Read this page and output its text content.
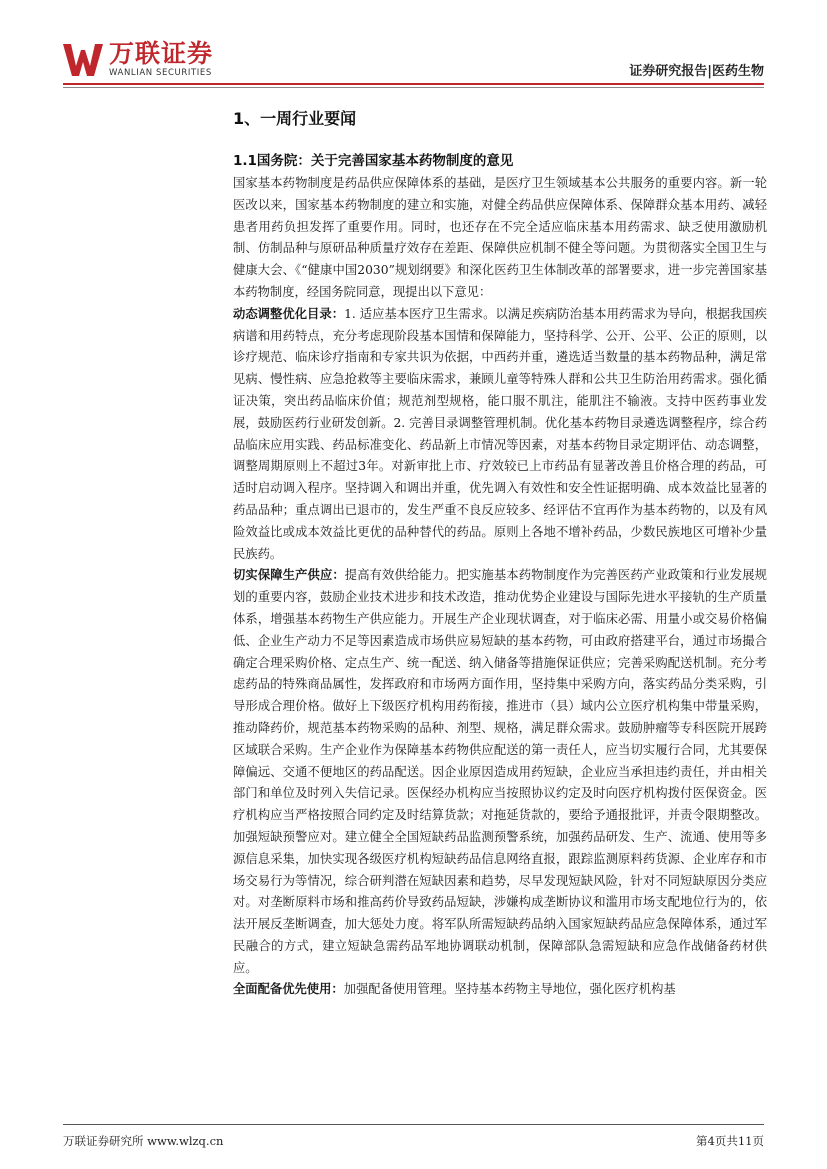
万联证券
WANLIAN SECURITIES	证券研究报告|医药生物
1、一周行业要闻
1.1国务院：关于完善国家基本药物制度的意见

国家基本药物制度是药品供应保障体系的基础，是医疗卫生领域基本公共服务的重要内容。新一轮医改以来，国家基本药物制度的建立和实施，对健全药品供应保障体系、保障群众基本用药、减轻患者用药负担发挥了重要作用。同时，也还存在不完全适应临床基本用药需求、缺乏使用激励机制、仿制品种与原研品种质量疗效存在差距、保障供应机制不健全等问题。为贯彻落实全国卫生与健康大会、《“健康中国2030”规划纲要》和深化医药卫生体制改革的部署要求，进一步完善国家基本药物制度，经国务院同意，现提出以下意见：

动态调整优化目录：1. 适应基本医疗卫生需求。以满足疾病防治基本用药需求为导向，根据我国疾病谱和用药特点，充分考虑现阶段基本国情和保障能力，坚持科学、公开、公平、公正的原则，以诊疗规范、临床诊疗指南和专家共识为依据，中西药并重，遴选适当数量的基本药物品种，满足常见病、慢性病、应急抢救等主要临床需求，兼顾儿童等特殊人群和公共卫生防治用药需求。强化循证决策，突出药品临床价值；规范剂型规格，能口服不肌注，能肌注不输液。支持中医药事业发展，鼓励医药行业研发创新。2. 完善目录调整管理机制。优化基本药物目录遴选调整程序，综合药品临床应用实践、药品标准变化、药品新上市情况等因素，对基本药物目录定期评估、动态调整，调整周期原则上不超过3年。对新审批上市、疗效较已上市药品有显著改善且价格合理的药品，可适时启动调入程序。坚持调入和调出并重，优先调入有效性和安全性证据明确、成本效益比显著的药品品种；重点调出已退市的，发生严重不良反应较多、经评估不宜再作为基本药物的，以及有风险效益比或成本效益比更优的品种替代的药品。原则上各地不增补药品，少数民族地区可增补少量民族药。

切实保障生产供应：提高有效供给能力。把实施基本药物制度作为完善医药产业政策和行业发展规划的重要内容，鼓励企业技术进步和技术改造，推动优势企业建设与国际先进水平接轨的生产质量体系，增强基本药物生产供应能力。开展生产企业现状调查，对于临床必需、用量小或交易价格偏低、企业生产动力不足等因素造成市场供应易短缺的基本药物，可由政府搭建平台，通过市场撮合确定合理采购价格、定点生产、统一配送、纳入储备等措施保证供应；完善采购配送机制。充分考虑药品的特殊商品属性，发挥政府和市场两方面作用，坚持集中采购方向，落实药品分类采购，引导形成合理价格。做好上下级医疗机构用药衔接，推进市（县）域内公立医疗机构集中带量采购，推动降药价，规范基本药物采购的品种、剂型、规格，满足群众需求。鼓励肿瘤等专科医院开展跨区域联合采购。生产企业作为保障基本药物供应配送的第一责任人，应当切实履行合同，尤其要保障偏远、交通不便地区的药品配送。因企业原因造成用药短缺，企业应当承担违约责任，并由相关部门和单位及时列入失信记录。医保经办机构应当按照协议约定及时向医疗机构拨付医保资金。医疗机构应当严格按照合同约定及时结算货款；对拖延货款的，要给予通报批评，并责令限期整改。加强短缺预警应对。建立健全全国短缺药品监测预警系统，加强药品研发、生产、流通、使用等多源信息采集，加快实现各级医疗机构短缺药品信息网络直报，跟踪监测原料药货源、企业库存和市场交易行为等情况，综合研判潜在短缺因素和趋势，尽早发现短缺风险，针对不同短缺原因分类应对。对垄断原料市场和推高药价导致药品短缺，涉嫌构成垄断协议和滥用市场支配地位行为的，依法开展反垄断调查，加大惩处力度。将军队所需短缺药品纳入国家短缺药品应急保障体系，通过军民融合的方式，建立短缺急需药品军地协调联动机制，保障部队急需短缺和应急作战储备药材供应。

全面配备优先使用：加强配备使用管理。坚持基本药物主导地位，强化医疗机构基

万联证券研究所 www.wlzq.cn	第4页共11页
